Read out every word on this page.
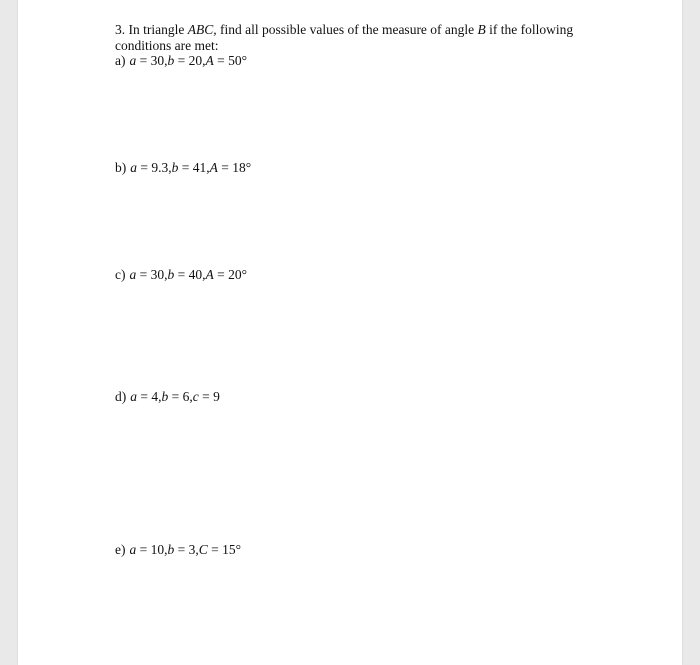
3. In triangle ABC, find all possible values of the measure of angle B if the following
conditions are met:
a) a = 30,b = 20,A = 50°
b) a = 9.3,b = 41,A = 18°
c) a = 30,b = 40,A = 20°
d) a = 4,b = 6,c = 9
e) a = 10,b = 3,C = 15°
